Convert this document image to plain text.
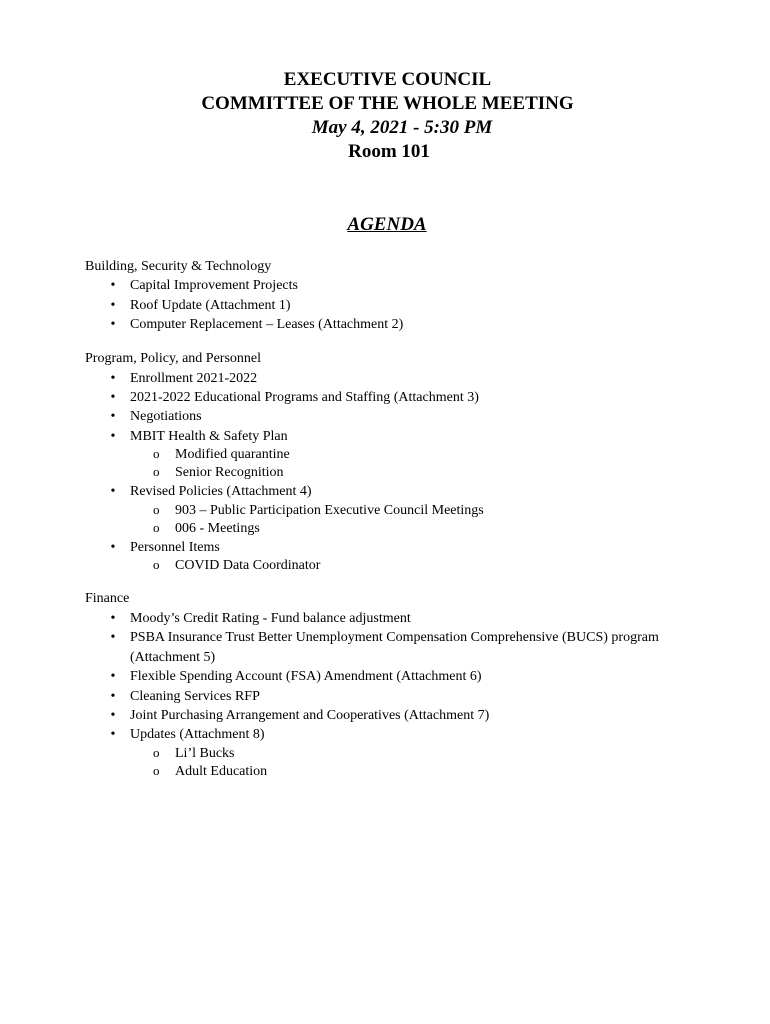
EXECUTIVE COUNCIL
COMMITTEE OF THE WHOLE MEETING
May 4, 2021 - 5:30 PM
Room 101
AGENDA
Building, Security & Technology
• Capital Improvement Projects
• Roof Update (Attachment 1)
• Computer Replacement – Leases (Attachment 2)
Program, Policy, and Personnel
• Enrollment 2021-2022
• 2021-2022 Educational Programs and Staffing (Attachment 3)
• Negotiations
• MBIT Health & Safety Plan
o Modified quarantine
o Senior Recognition
• Revised Policies (Attachment 4)
o 903 – Public Participation Executive Council Meetings
o 006 - Meetings
• Personnel Items
o COVID Data Coordinator
Finance
• Moody’s Credit Rating - Fund balance adjustment
• PSBA Insurance Trust Better Unemployment Compensation Comprehensive (BUCS) program (Attachment 5)
• Flexible Spending Account (FSA) Amendment (Attachment 6)
• Cleaning Services RFP
• Joint Purchasing Arrangement and Cooperatives (Attachment 7)
• Updates (Attachment 8)
o Li’l Bucks
o Adult Education
